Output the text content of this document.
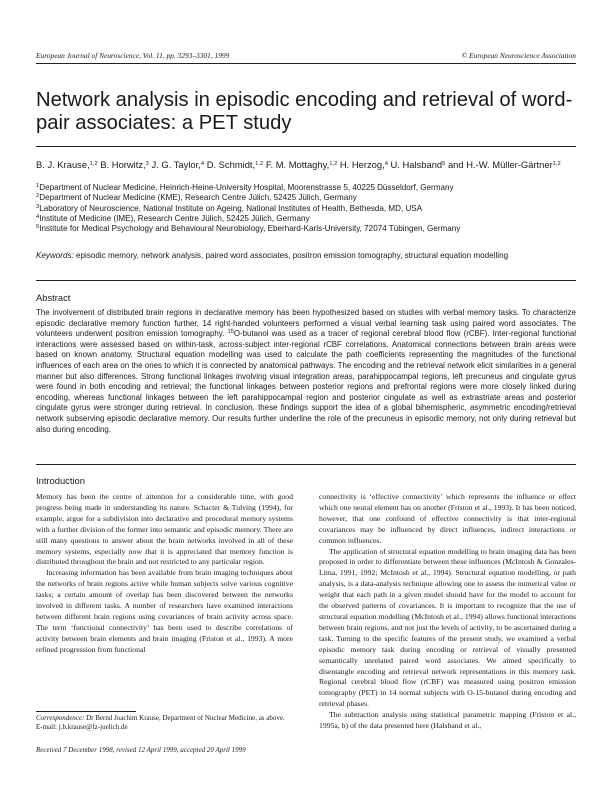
European Journal of Neuroscience, Vol. 11, pp. 3293–3301, 1999	© European Neuroscience Association
Network analysis in episodic encoding and retrieval of word-pair associates: a PET study
B. J. Krause,$^{1,2}$ B. Horwitz,$^3$ J. G. Taylor,$^4$ D. Schmidt,$^{1,2}$ F. M. Mottaghy,$^{1,2}$ H. Herzog,$^4$ U. Halsband$^5$ and H.-W. Müller-Gärtner$^{1,2}$
$^1$Department of Nuclear Medicine, Heinrich-Heine-University Hospital, Moorenstrasse 5, 40225 Düsseldorf, Germany
$^2$Department of Nuclear Medicine (KME), Research Centre Jülich, 52425 Jülich, Germany
$^3$Laboratory of Neuroscience, National Institute on Ageing, National Institutes of Health, Bethesda, MD, USA
$^4$Institute of Medicine (IME), Research Centre Jülich, 52425 Jülich, Germany
$^5$Institute for Medical Psychology and Behavioural Neurobiology, Eberhard-Karls-University, 72074 Tübingen, Germany
Keywords: episodic memory, network analysis, paired word associates, positron emission tomography, structural equation modelling
Abstract
The involvement of distributed brain regions in declarative memory has been hypothesized based on studies with verbal memory tasks. To characterize episodic declarative memory function further, 14 right-handed volunteers performed a visual verbal learning task using paired word associates. The volunteers underwent positron emission tomography. $^{15}$O-butanol was used as a tracer of regional cerebral blood flow (rCBF). Inter-regional functional interactions were assessed based on within-task, across-subject inter-regional rCBF correlations. Anatomical connections between brain areas were based on known anatomy. Structural equation modelling was used to calculate the path coefficients representing the magnitudes of the functional influences of each area on the ones to which it is connected by anatomical pathways. The encoding and the retrieval network elicit similarities in a general manner but also differences. Strong functional linkages involving visual integration areas, parahippocampal regions, left precuneus and cingulate gyrus were found in both encoding and retrieval; the functional linkages between posterior regions and prefrontal regions were more closely linked during encoding, whereas functional linkages between the left parahippocampal region and posterior cingulate as well as extrastriate areas and posterior cingulate gyrus were stronger during retrieval. In conclusion, these findings support the idea of a global bihemispheric, asymmetric encoding/retrieval network subserving episodic declarative memory. Our results further underline the role of the precuneus in episodic memory, not only during retrieval but also during encoding.
Introduction

Memory has been the centre of attention for a considerable time, with good progress being made in understanding its nature. Schacter & Tulving (1994), for example, argue for a subdivision into declarative and procedural memory systems with a further division of the former into semantic and episodic memory. There are still many questions to answer about the brain networks involved in all of these memory systems, especially now that it is appreciated that memory function is distributed throughout the brain and not restricted to any particular region.

Increasing information has been available from brain imaging techniques about the networks of brain regions active while human subjects solve various cognitive tasks; a certain amount of overlap has been discovered between the networks involved in different tasks. A number of researchers have examined interactions between different brain regions using covariances of brain activity across space. The term ‘functional connectivity’ has been used to describe correlations of activity between brain elements and brain imaging (Friston et al., 1993). A more refined progression from functional

connectivity is ‘effective connectivity’ which represents the influence or effect which one neural element has on another (Friston et al., 1993). It has been noticed, however, that one confound of effective connectivity is that inter-regional covariances may be influenced by direct influences, indirect interactions or common influences.

The application of structural equation modelling to brain imaging data has been proposed in order to differentiate between these influences (McIntosh & Gonzales-Lima, 1991, 1992; McIntosh et al., 1994). Structural equation modelling, or path analysis, is a data-analysis technique allowing one to assess the numerical value or weight that each path in a given model should have for the model to account for the observed patterns of covariances. It is important to recognize that the use of structural equation modelling (McIntosh et al., 1994) allows functional interactions between brain regions, and not just the levels of activity, to be ascertained during a task. Turning to the specific features of the present study, we examined a verbal episodic memory task during encoding or retrieval of visually presented semantically unrelated paired word associates. We aimed specifically to disentangle encoding and retrieval network representations in this memory task. Regional cerebral blood flow (rCBF) was measured using positron emission tomography (PET) in 14 normal subjects with O-15-butanol during encoding and retrieval phases.

The subtraction analysis using statistical parametric mapping (Friston et al., 1995a, b) of the data presented here (Halsband et al.,

Correspondence: Dr Bernd Joachim Krause, Department of Nuclear Medicine, as above.
E-mail: j.b.krause@fz-juelich.de
Received 7 December 1998, revised 12 April 1999, accepted 20 April 1999
